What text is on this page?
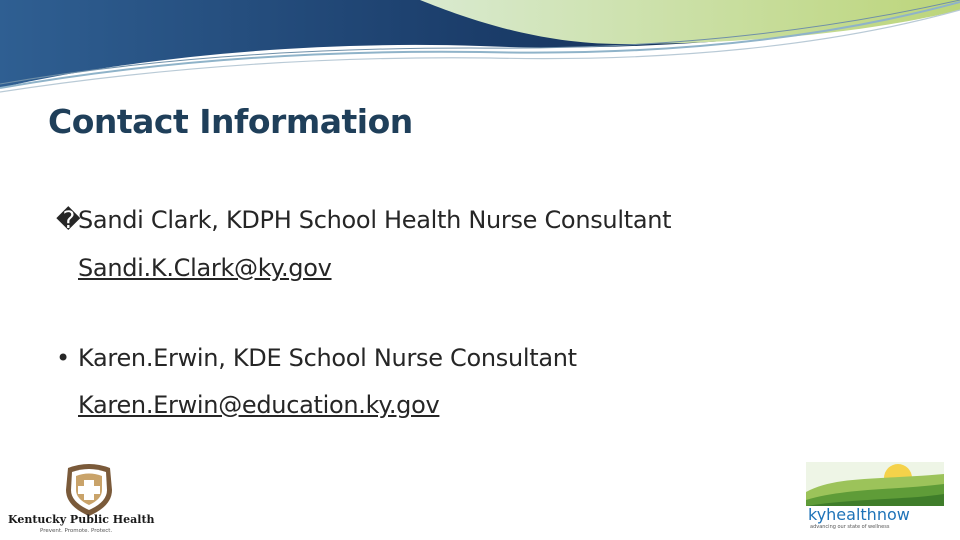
Contact Information
�Sandi Clark, KDPH School Health Nurse Consultant
Sandi.K.Clark@ky.gov
• Karen.Erwin, KDE School Nurse Consultant
Karen.Erwin@education.ky.gov
Kentucky Public Health
Prevent. Promote. Protect.
kyhealthnow
advancing our state of wellness
